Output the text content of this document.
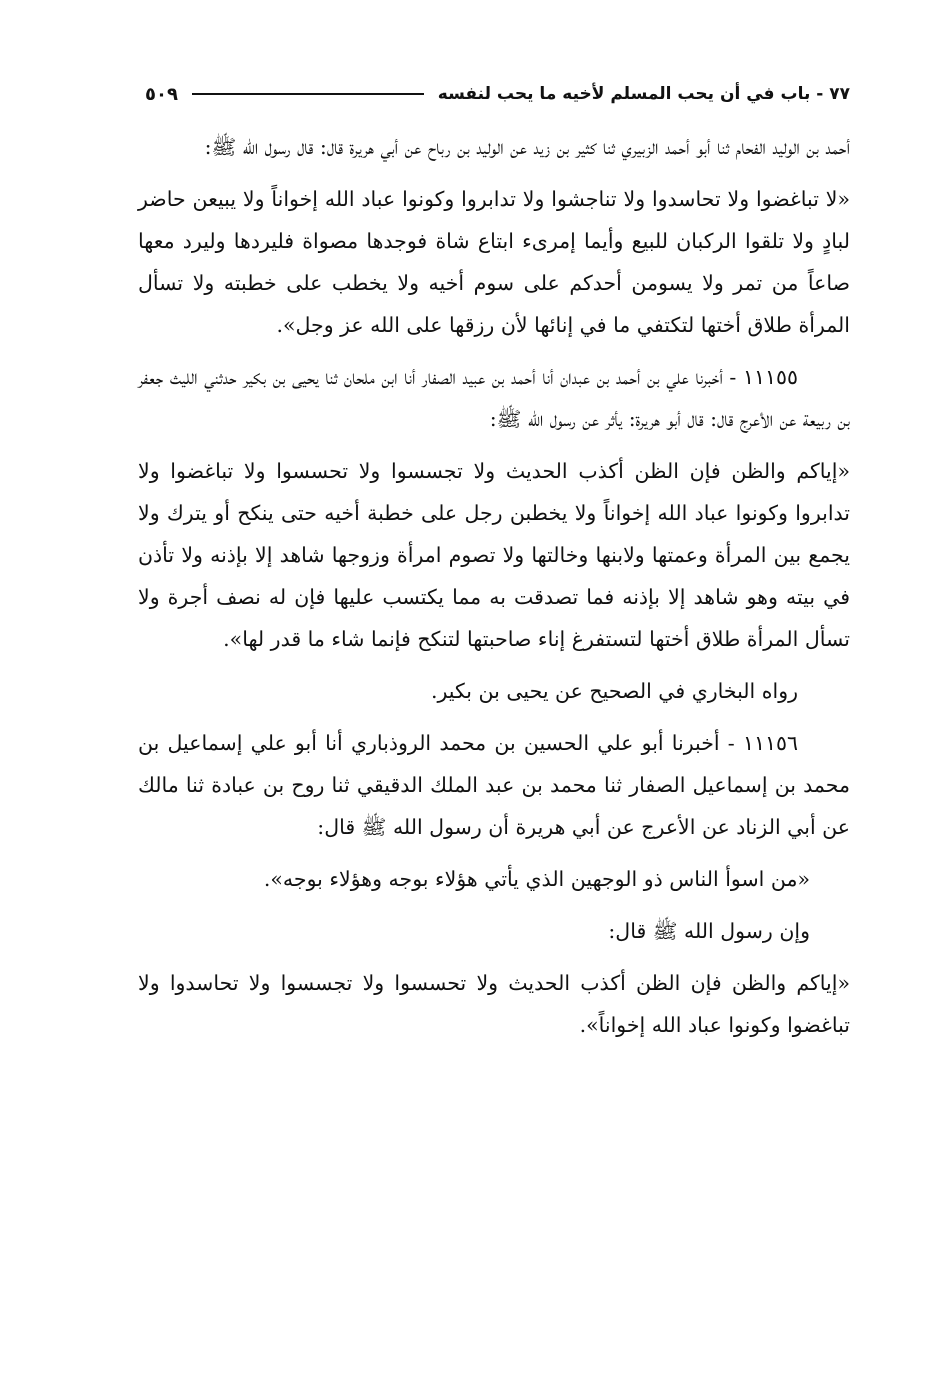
٧٧ - باب في أن يحب المسلم لأخيه ما يحب لنفسه
٥٠٩

أحمد بن الوليد الفحام ثنا أبو أحمد الزبيري ثنا كثير بن زيد عن الوليد بن رباح عن أبي هريرة قال: قال رسول الله ﷺ:

«لا تباغضوا ولا تحاسدوا ولا تناجشوا ولا تدابروا وكونوا عباد الله إخواناً ولا يبيعن حاضر لبادٍ ولا تلقوا الركبان للبيع وأيما إمرىء ابتاع شاة فوجدها مصواة فليردها وليرد معها صاعاً من تمر ولا يسومن أحدكم على سوم أخيه ولا يخطب على خطبته ولا تسأل المرأة طلاق أختها لتكتفي ما في إنائها لأن رزقها على الله عز وجل».

١١١٥٥ - أخبرنا علي بن أحمد بن عبدان أنا أحمد بن عبيد الصفار أنا ابن ملحان ثنا يحيى بن بكير حدثني الليث جعفر بن ربيعة عن الأعرج قال: قال أبو هريرة: يأثر عن رسول الله ﷺ:

«إياكم والظن فإن الظن أكذب الحديث ولا تجسسوا ولا تحسسوا ولا تباغضوا ولا تدابروا وكونوا عباد الله إخواناً ولا يخطبن رجل على خطبة أخيه حتى ينكح أو يترك ولا يجمع بين المرأة وعمتها ولابنها وخالتها ولا تصوم امرأة وزوجها شاهد إلا بإذنه ولا تأذن في بيته وهو شاهد إلا بإذنه فما تصدقت به مما يكتسب عليها فإن له نصف أجرة ولا تسأل المرأة طلاق أختها لتستفرغ إناء صاحبتها لتنكح فإنما شاء ما قدر لها».

رواه البخاري في الصحيح عن يحيى بن بكير.

١١١٥٦ - أخبرنا أبو علي الحسين بن محمد الروذباري أنا أبو علي إسماعيل بن محمد بن إسماعيل الصفار ثنا محمد بن عبد الملك الدقيقي ثنا روح بن عبادة ثنا مالك عن أبي الزناد عن الأعرج عن أبي هريرة أن رسول الله ﷺ قال:

«من اسوأ الناس ذو الوجهين الذي يأتي هؤلاء بوجه وهؤلاء بوجه».

وإن رسول الله ﷺ قال:

«إياكم والظن فإن الظن أكذب الحديث ولا تحسسوا ولا تجسسوا ولا تحاسدوا ولا تباغضوا وكونوا عباد الله إخواناً».
